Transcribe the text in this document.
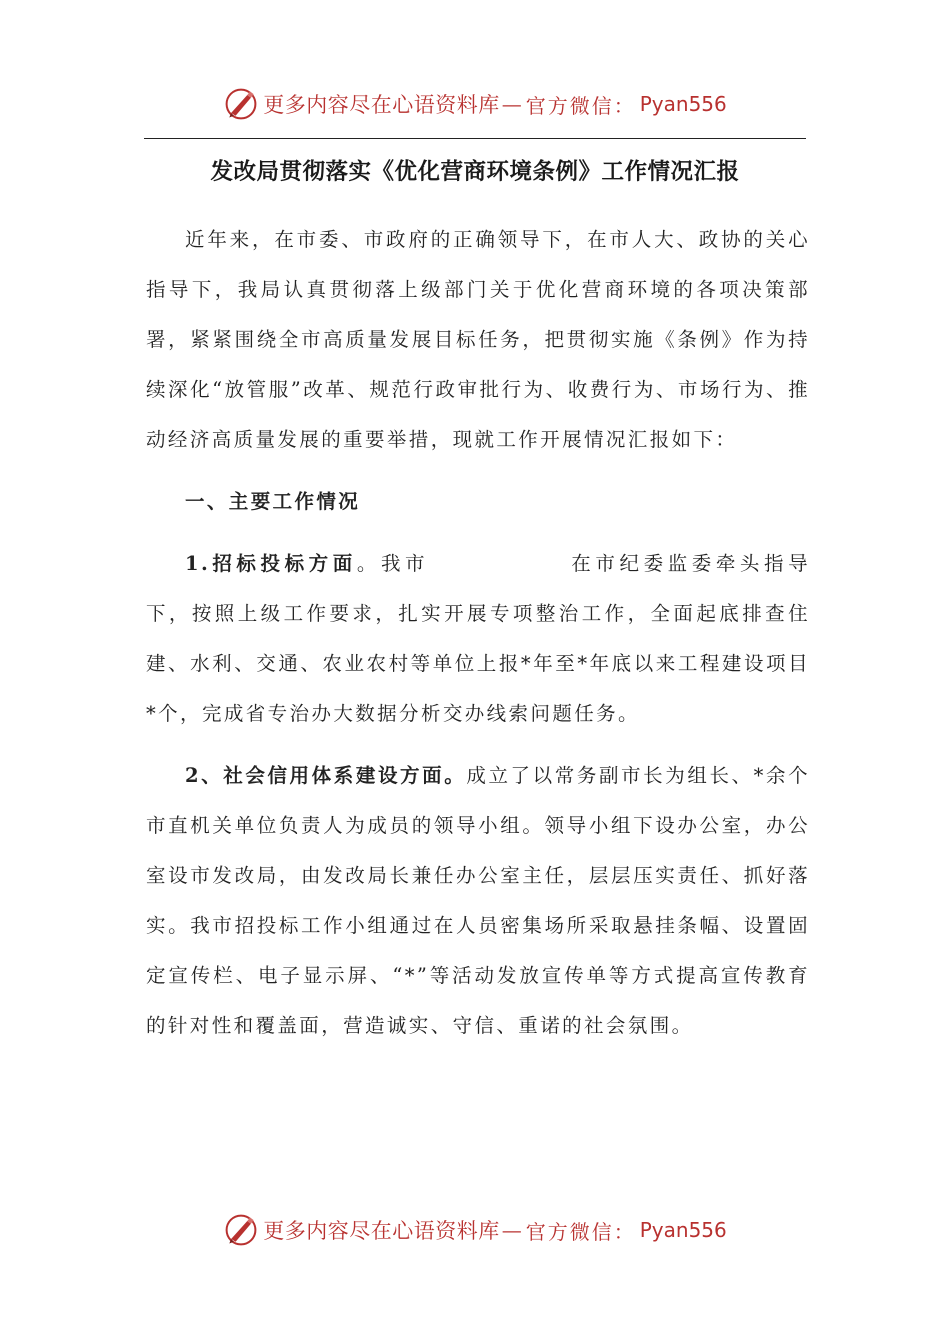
更多内容尽在心语资料库 — 官方微信： Pyan556
发改局贯彻落实《优化营商环境条例》工作情况汇报

近年来，在市委、市政府的正确领导下，在市人大、政协的关心指导下，我局认真贯彻落上级部门关于优化营商环境的各项决策部署，紧紧围绕全市高质量发展目标任务，把贯彻实施《条例》作为持续深化“放管服”改革、规范行政审批行为、收费行为、市场行为、推动经济高质量发展的重要举措，现就工作开展情况汇报如下：

一、主要工作情况

1.招标投标方面。我市	在市纪委监委牵头指导下，按照上级工作要求，扎实开展专项整治工作，全面起底排查住建、水利、交通、农业农村等单位上报*年至*年底以来工程建设项目*个，完成省专治办大数据分析交办线索问题任务。

2、社会信用体系建设方面。成立了以常务副市长为组长、*余个市直机关单位负责人为成员的领导小组。领导小组下设办公室，办公室设市发改局，由发改局长兼任办公室主任，层层压实责任、抓好落实。我市招投标工作小组通过在人员密集场所采取悬挂条幅、设置固定宣传栏、电子显示屏、“*”等活动发放宣传单等方式提高宣传教育的针对性和覆盖面，营造诚实、守信、重诺的社会氛围。

更多内容尽在心语资料库 — 官方微信： Pyan556
